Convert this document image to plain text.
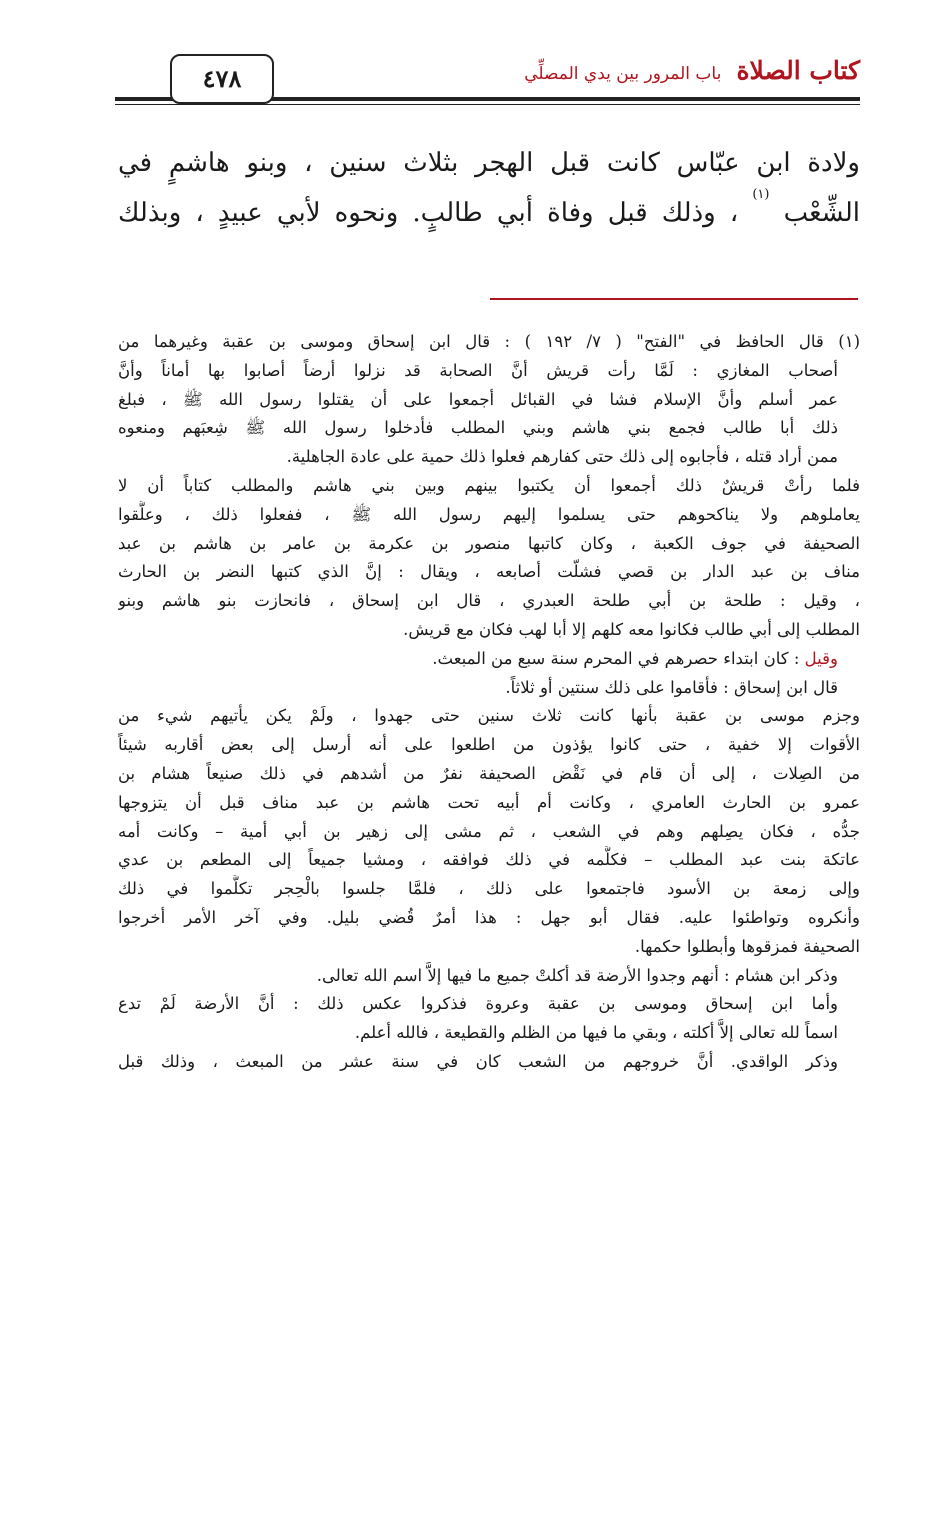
٤٧٨	كتاب الصلاة باب المرور بين يدي المصلِّي
ولادة ابن عبّاس كانت قبل الهجر بثلاث سنين ، وبنو هاشمٍ في
الشِّعْب $^{(١)}$ ، وذلك قبل وفاة أبي طالبٍ. ونحوه لأبي عبيدٍ ، وبذلك
(١) قال الحافظ في "الفتح" ( ٧/ ١٩٢ ) : قال ابن إسحاق وموسى بن عقبة وغيرهما من
أصحاب المغازي : لَمَّا رأت قريش أنَّ الصحابة قد نزلوا أرضاً أصابوا بها أماناً وأنَّ
عمر أسلم وأنَّ الإسلام فشا في القبائل أجمعوا على أن يقتلوا رسول الله ﷺ ، فبلغ
ذلك أبا طالب فجمع بني هاشم وبني المطلب فأدخلوا رسول الله ﷺ شِعبَهم ومنعوه
ممن أراد قتله ، فأجابوه إلى ذلك حتى كفارهم فعلوا ذلك حمية على عادة الجاهلية.
فلما رأتْ قريشٌ ذلك أجمعوا أن يكتبوا بينهم وبين بني هاشم والمطلب كتاباً أن لا
يعاملوهم ولا يناكحوهم حتى يسلموا إليهم رسول الله ﷺ ، ففعلوا ذلك ، وعلَّقوا
الصحيفة في جوف الكعبة ، وكان كاتبها منصور بن عكرمة بن عامر بن هاشم بن عبد
مناف بن عبد الدار بن قصي فشلّت أصابعه ، ويقال : إنَّ الذي كتبها النضر بن الحارث
، وقيل : طلحة بن أبي طلحة العبدري ، قال ابن إسحاق ، فانحازت بنو هاشم وبنو
المطلب إلى أبي طالب فكانوا معه كلهم إلا أبا لهب فكان مع قريش.
وقيل : كان ابتداء حصرهم في المحرم سنة سبع من المبعث.
قال ابن إسحاق : فأقاموا على ذلك سنتين أو ثلاثاً.
وجزم موسى بن عقبة بأنها كانت ثلاث سنين حتى جهدوا ، ولَمْ يكن يأتيهم شيء من
الأقوات إلا خفية ، حتى كانوا يؤذون من اطلعوا على أنه أرسل إلى بعض أقاربه شيئاً
من الصِلات ، إلى أن قام في نَقْض الصحيفة نفرٌ من أشدهم في ذلك صنيعاً هشام بن
عمرو بن الحارث العامري ، وكانت أم أبيه تحت هاشم بن عبد مناف قبل أن يتزوجها
جدُّه ، فكان يصِلهم وهم في الشعب ، ثم مشى إلى زهير بن أبي أمية – وكانت أمه
عاتكة بنت عبد المطلب – فكلَّمه في ذلك فوافقه ، ومشيا جميعاً إلى المطعم بن عدي
وإلى زمعة بن الأسود فاجتمعوا على ذلك ، فلمَّا جلسوا بالْحِجر تكلَّموا في ذلك
وأنكروه وتواطئوا عليه. فقال أبو جهل : هذا أمرٌ قُضي بليل. وفي آخر الأمر أخرجوا
الصحيفة فمزقوها وأبطلوا حكمها.
وذكر ابن هشام : أنهم وجدوا الأرضة قد أكلتْ جميع ما فيها إلاَّ اسم الله تعالى.
وأما ابن إسحاق وموسى بن عقبة وعروة فذكروا عكس ذلك : أنَّ الأرضة لَمْ تدع
اسماً لله تعالى إلاَّ أكلته ، وبقي ما فيها من الظلم والقطيعة ، فالله أعلم.
وذكر الواقدي. أنَّ خروجهم من الشعب كان في سنة عشر من المبعث ، وذلك قبل
